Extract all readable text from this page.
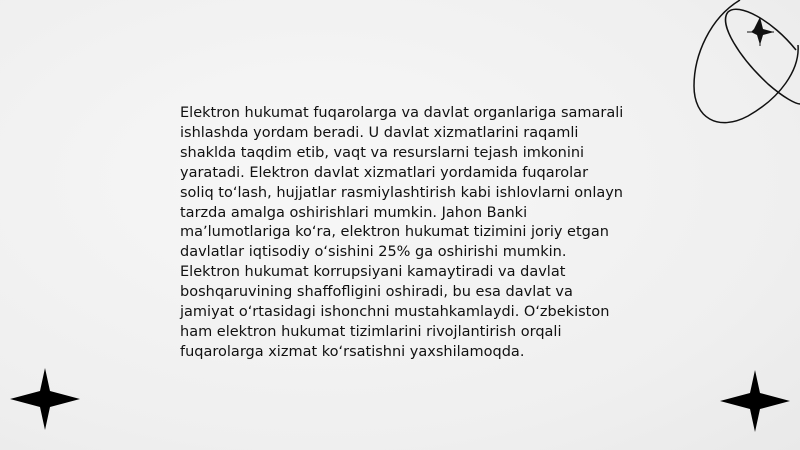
Elektron hukumat fuqarolarga va davlat organlariga samarali ishlashda yordam beradi. U davlat xizmatlarini raqamli shaklda taqdim etib, vaqt va resurslarni tejash imkonini yaratadi. Elektron davlat xizmatlari yordamida fuqarolar soliq toʻlash, hujjatlar rasmiylashtirish kabi ishlovlarni onlayn tarzda amalga oshirishlari mumkin. Jahon Banki maʼlumotlariga koʻra, elektron hukumat tizimini joriy etgan davlatlar iqtisodiy oʻsishini 25% ga oshirishi mumkin. Elektron hukumat korrupsiyani kamaytiradi va davlat boshqaruvining shaffofligini oshiradi, bu esa davlat va jamiyat oʻrtasidagi ishonchni mustahkamlaydi. Oʻzbekiston ham elektron hukumat tizimlarini rivojlantirish orqali fuqarolarga xizmat koʻrsatishni yaxshilamoqda.
